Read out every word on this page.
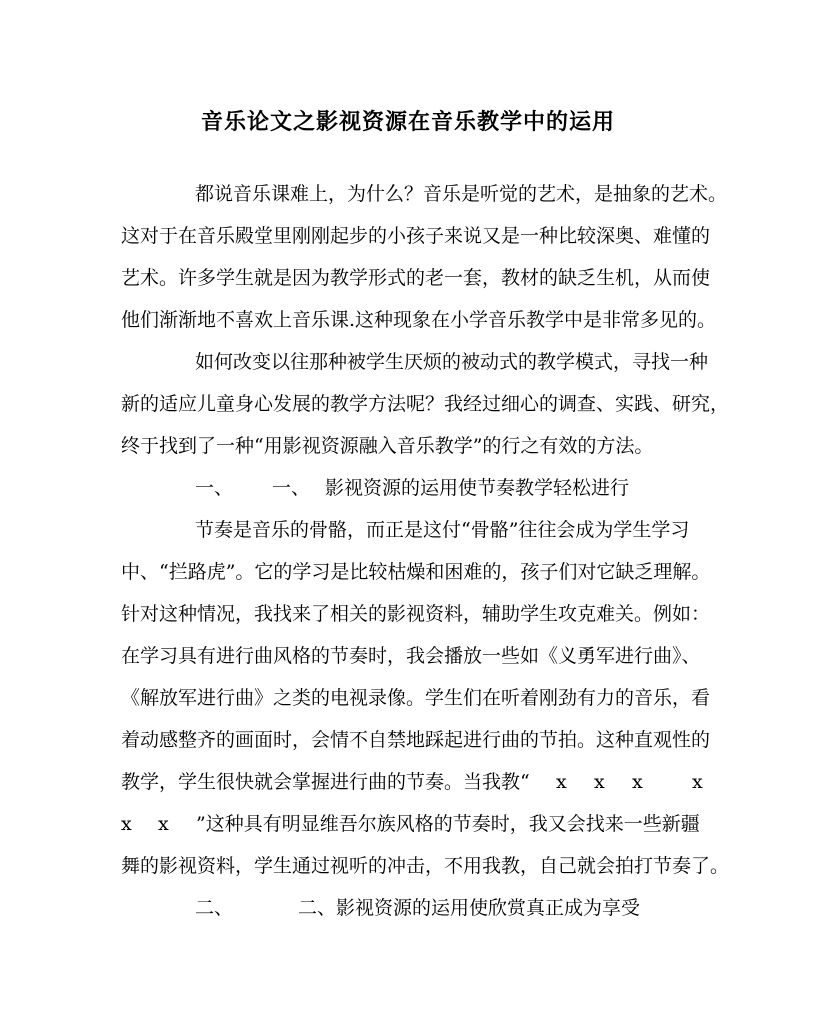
音乐论文之影视资源在音乐教学中的运用
都说音乐课难上，为什么？音乐是听觉的艺术，是抽象的艺术。
这对于在音乐殿堂里刚刚起步的小孩子来说又是一种比较深奥、难懂的
艺术。许多学生就是因为教学形式的老一套，教材的缺乏生机，从而使
他们渐渐地不喜欢上音乐课.这种现象在小学音乐教学中是非常多见的。
如何改变以往那种被学生厌烦的被动式的教学模式，寻找一种
新的适应儿童身心发展的教学方法呢？我经过细心的调查、实践、研究，
终于找到了一种“用影视资源融入音乐教学”的行之有效的方法。
一、 一、 影视资源的运用使节奏教学轻松进行
节奏是音乐的骨骼，而正是这付“骨骼”往往会成为学生学习
中、“拦路虎”。它的学习是比较枯燥和困难的，孩子们对它缺乏理解。
针对这种情况，我找来了相关的影视资料，辅助学生攻克难关。例如：
在学习具有进行曲风格的节奏时，我会播放一些如《义勇军进行曲》、
《解放军进行曲》之类的电视录像。学生们在听着刚劲有力的音乐，看
着动感整齐的画面时，会情不自禁地踩起进行曲的节拍。这种直观性的
教学，学生很快就会掌握进行曲的节奏。当我教“ x x x	x
x x ”这种具有明显维吾尔族风格的节奏时，我又会找来一些新疆
舞的影视资料，学生通过视听的冲击，不用我教，自己就会拍打节奏了。
二、	二、影视资源的运用使欣赏真正成为享受
